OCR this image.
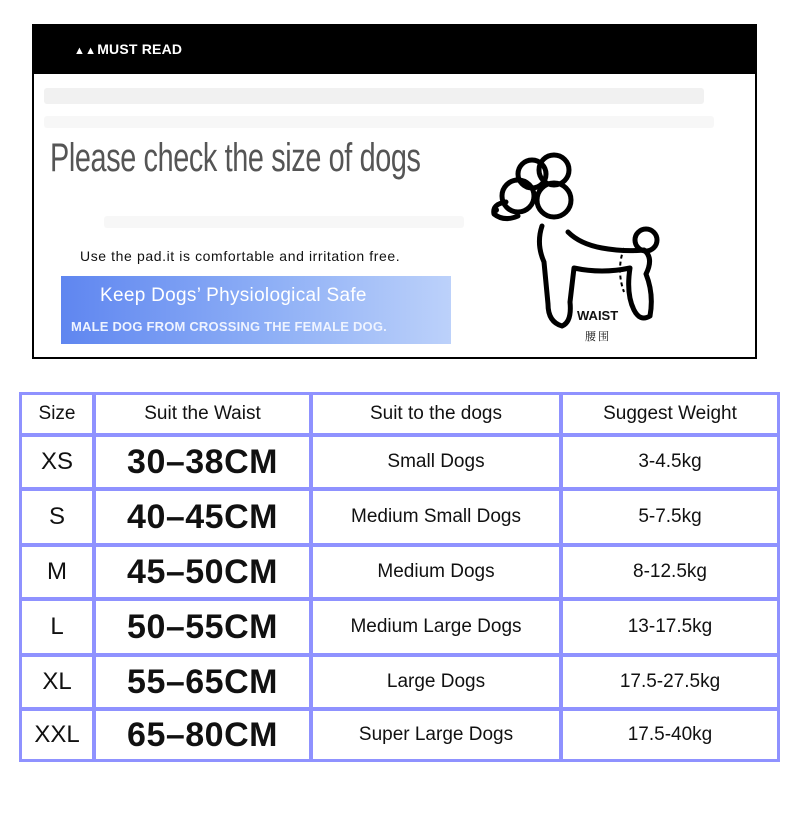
▲▲MUST READ
Please check the size of dogs
Use the pad.it is comfortable and irritation free.
Keep Dogs’ Physiological Safe
MALE DOG FROM CROSSING THE FEMALE DOG.
WAIST
腰围
Size	Suit the Waist	Suit to the dogs	Suggest Weight
XS	30–38CM	Small Dogs	3-4.5kg
S	40–45CM	Medium Small Dogs	5-7.5kg
M	45–50CM	Medium Dogs	8-12.5kg
L	50–55CM	Medium Large Dogs	13-17.5kg
XL	55–65CM	Large Dogs	17.5-27.5kg
XXL	65–80CM	Super Large Dogs	17.5-40kg
